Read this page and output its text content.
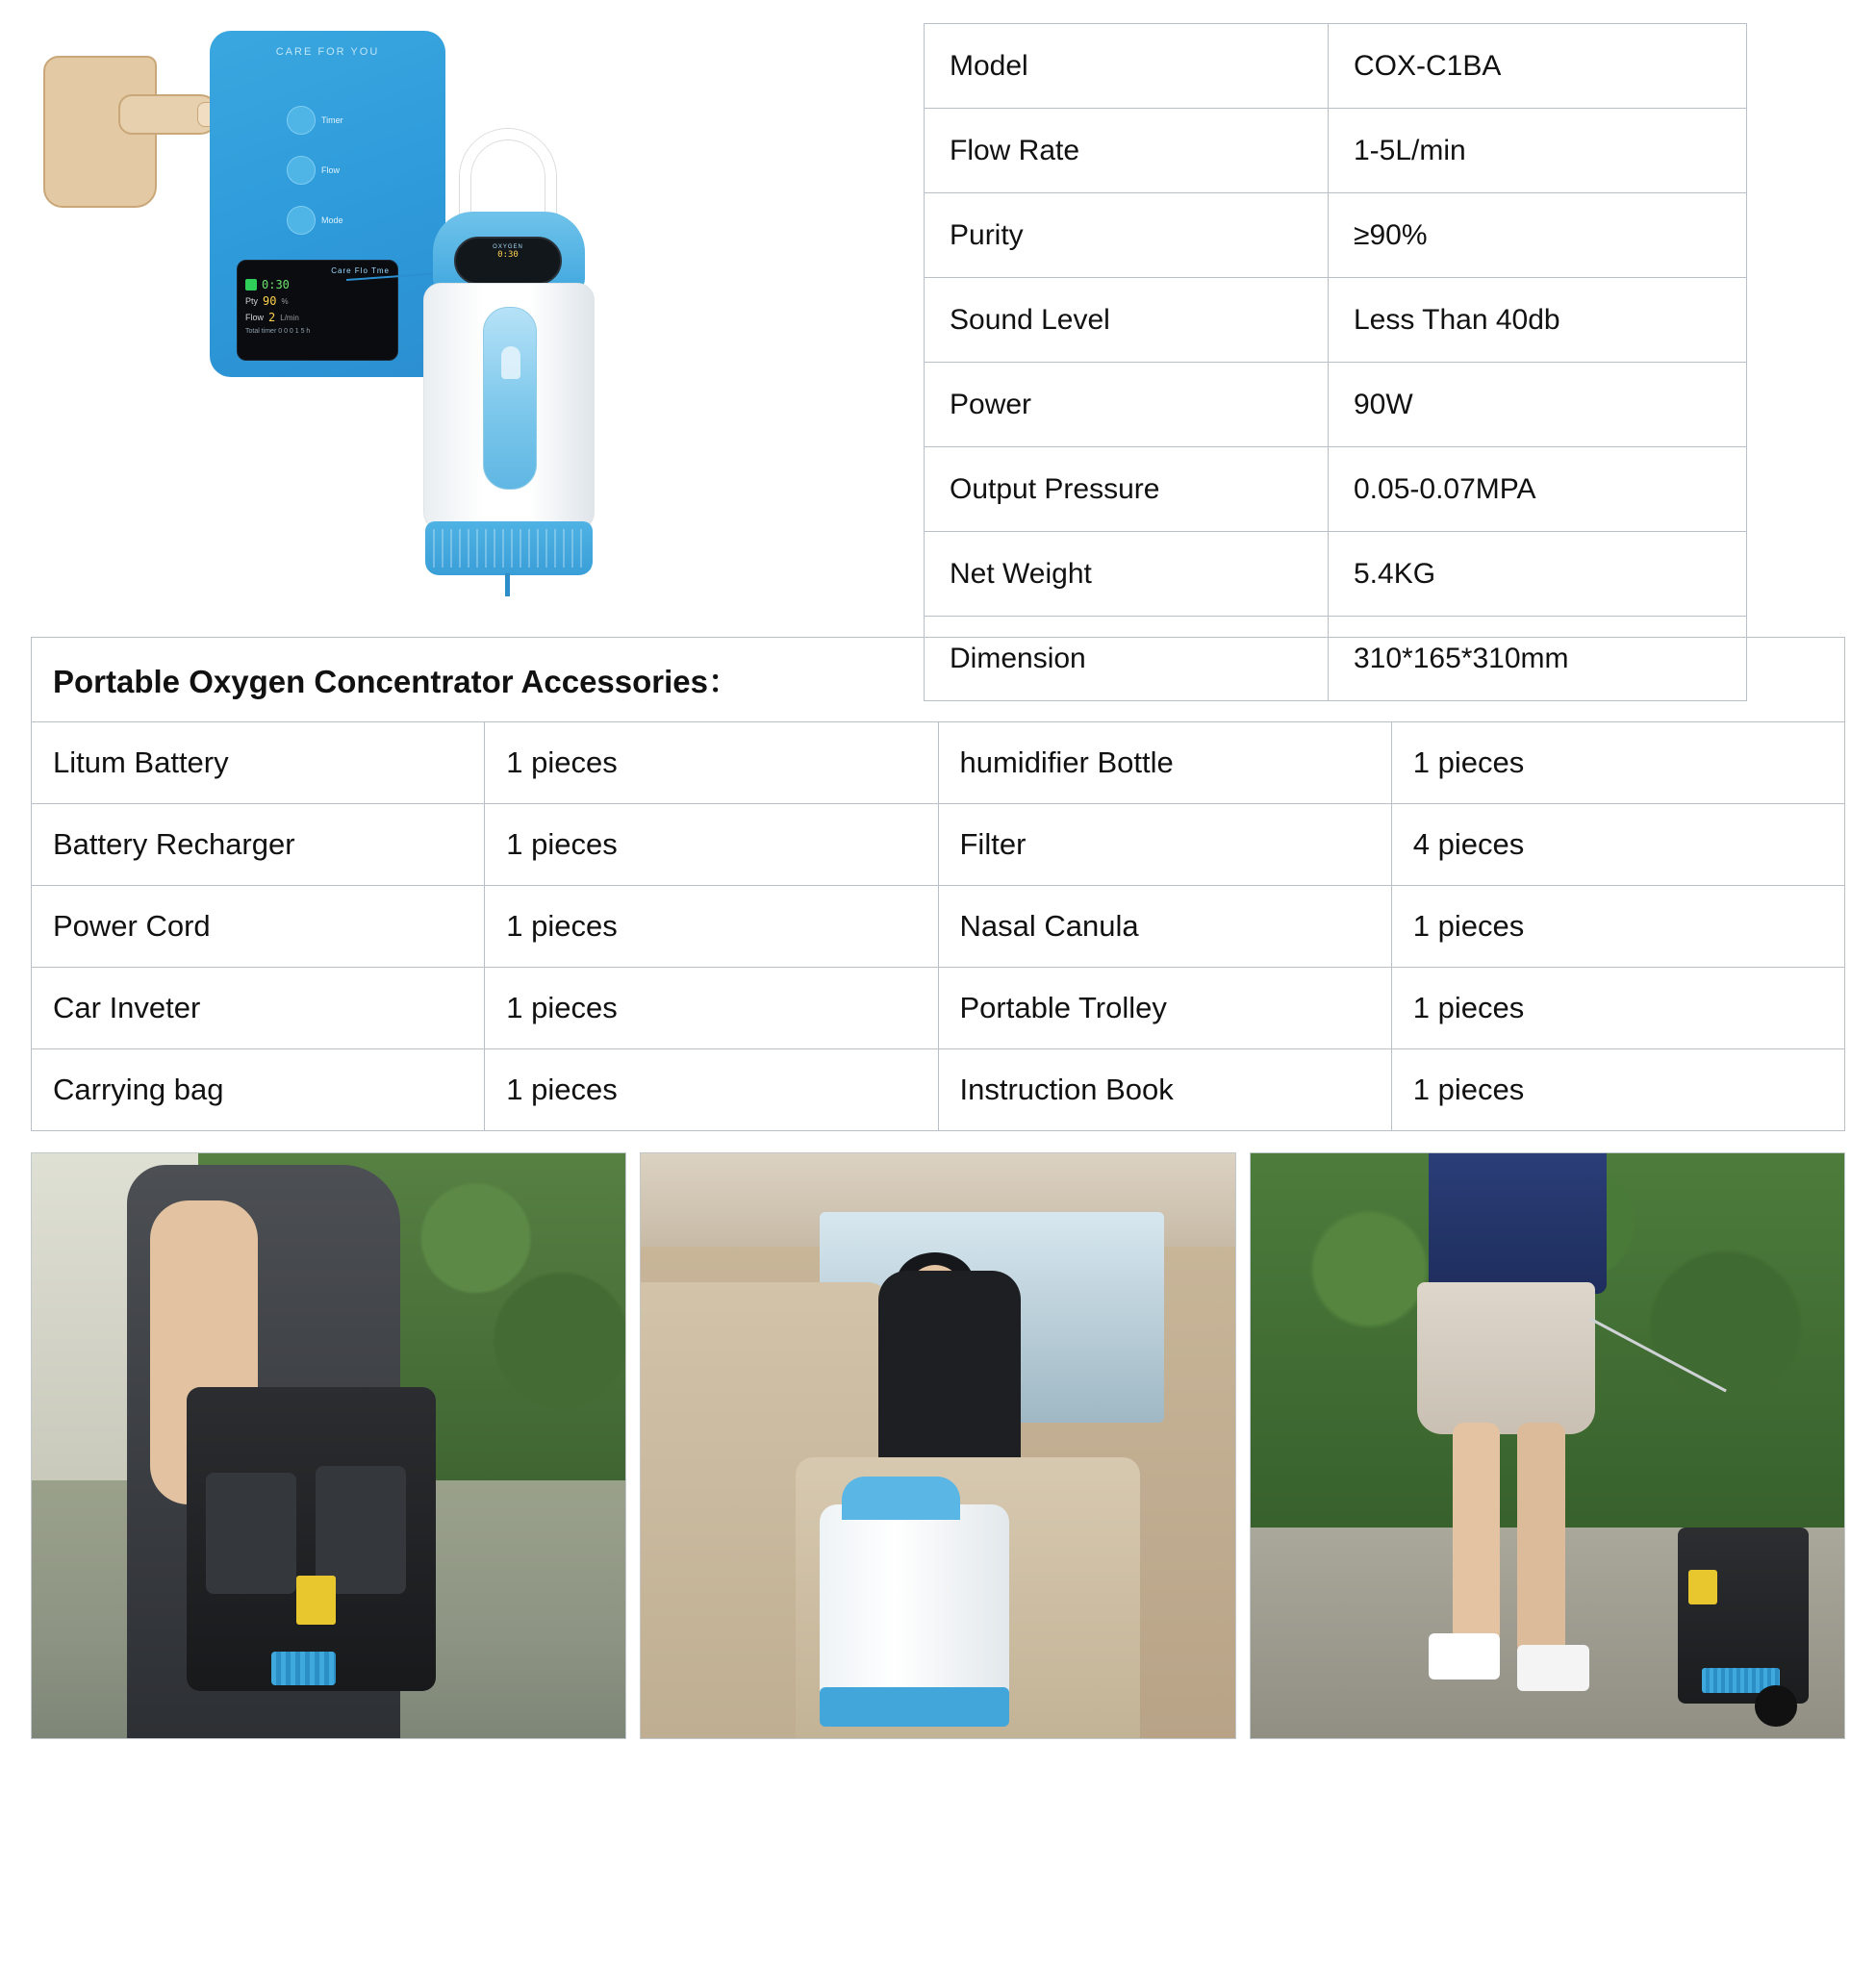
CARE FOR YOU
Timer
Flow
Mode
Care Flo Tme
0:30
Pty 90 %
Flow 2 L/min
Total timer 0 0 0 1 5 h
OXYGEN
0:30
Model	COX-C1BA
Flow Rate	1-5L/min
Purity	≥90%
Sound Level	Less Than 40db
Power	90W
Output Pressure	0.05-0.07MPA
Net Weight	5.4KG
Dimension	310*165*310mm
Portable Oxygen Concentrator Accessories：			
Litum Battery	1 pieces	humidifier Bottle	1 pieces
Battery Recharger	1 pieces	Filter	4 pieces
Power Cord	1 pieces	Nasal Canula	1 pieces
Car Inveter	1 pieces	Portable Trolley	1 pieces
Carrying bag	1 pieces	Instruction Book	1 pieces
